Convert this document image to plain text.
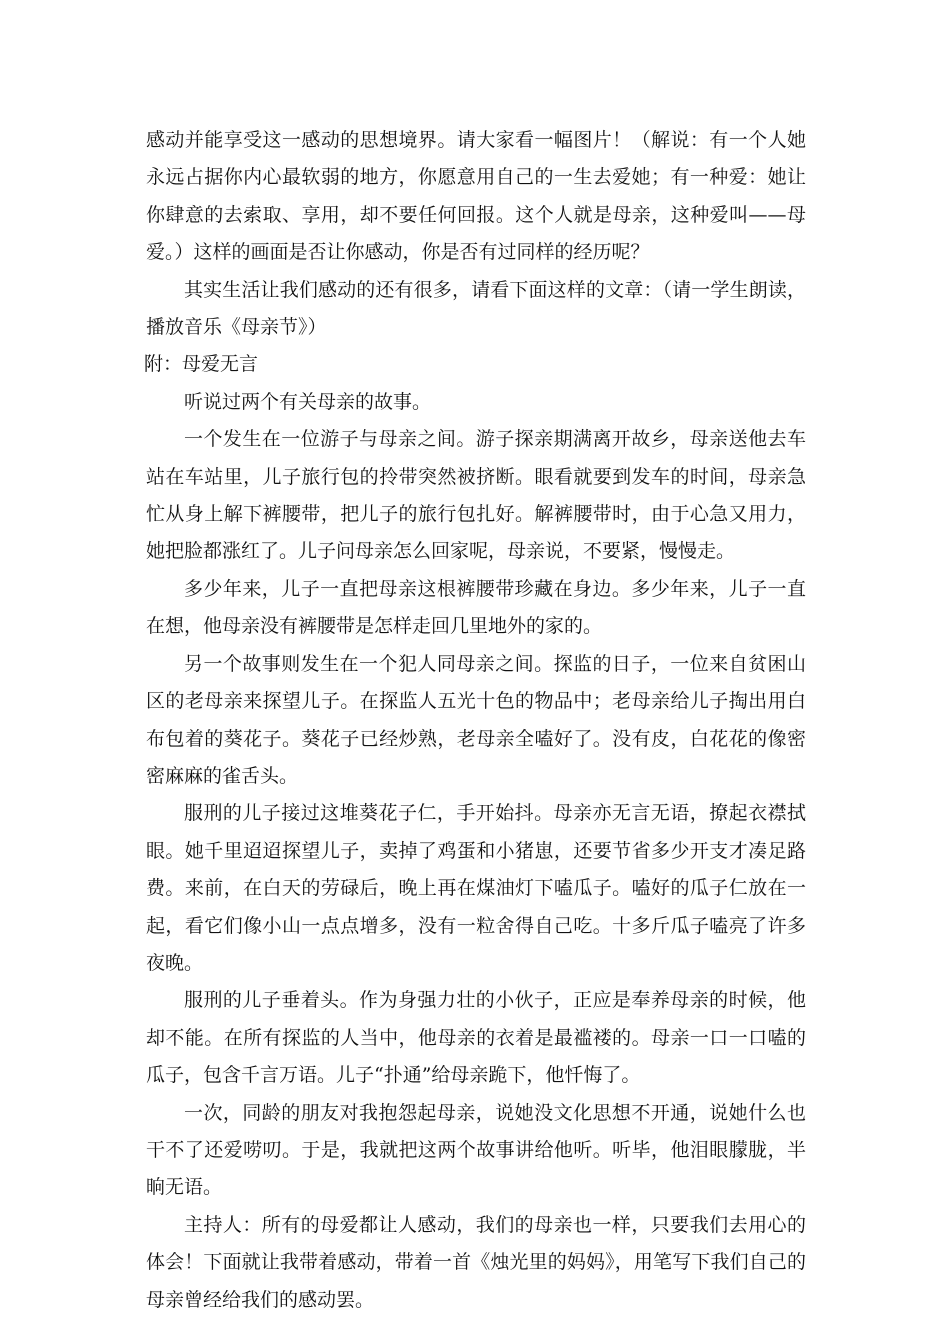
感动并能享受这一感动的思想境界。请大家看一幅图片！（解说：有一个人她永远占据你内心最软弱的地方，你愿意用自己的一生去爱她；有一种爱：她让你肆意的去索取、享用，却不要任何回报。这个人就是母亲，这种爱叫——母爱。）这样的画面是否让你感动，你是否有过同样的经历呢？

其实生活让我们感动的还有很多，请看下面这样的文章：（请一学生朗读，播放音乐《母亲节》）

附：母爱无言

听说过两个有关母亲的故事。

一个发生在一位游子与母亲之间。游子探亲期满离开故乡，母亲送他去车站在车站里，儿子旅行包的拎带突然被挤断。眼看就要到发车的时间，母亲急忙从身上解下裤腰带，把儿子的旅行包扎好。解裤腰带时，由于心急又用力，她把脸都涨红了。儿子问母亲怎么回家呢，母亲说，不要紧，慢慢走。

多少年来，儿子一直把母亲这根裤腰带珍藏在身边。多少年来，儿子一直在想，他母亲没有裤腰带是怎样走回几里地外的家的。

另一个故事则发生在一个犯人同母亲之间。探监的日子，一位来自贫困山区的老母亲来探望儿子。在探监人五光十色的物品中；老母亲给儿子掏出用白布包着的葵花子。葵花子已经炒熟，老母亲全嗑好了。没有皮，白花花的像密密麻麻的雀舌头。

服刑的儿子接过这堆葵花子仁，手开始抖。母亲亦无言无语，撩起衣襟拭眼。她千里迢迢探望儿子，卖掉了鸡蛋和小猪崽，还要节省多少开支才凑足路费。来前，在白天的劳碌后，晚上再在煤油灯下嗑瓜子。嗑好的瓜子仁放在一起，看它们像小山一点点增多，没有一粒舍得自己吃。十多斤瓜子嗑亮了许多夜晚。

服刑的儿子垂着头。作为身强力壮的小伙子，正应是奉养母亲的时候，他却不能。在所有探监的人当中，他母亲的衣着是最褴褛的。母亲一口一口嗑的瓜子，包含千言万语。儿子“扑通”给母亲跪下，他忏悔了。

一次，同龄的朋友对我抱怨起母亲，说她没文化思想不开通，说她什么也干不了还爱唠叨。于是，我就把这两个故事讲给他听。听毕，他泪眼朦胧，半晌无语。

主持人：所有的母爱都让人感动，我们的母亲也一样，只要我们去用心的体会！下面就让我带着感动，带着一首《烛光里的妈妈》，用笔写下我们自己的母亲曾经给我们的感动罢。
